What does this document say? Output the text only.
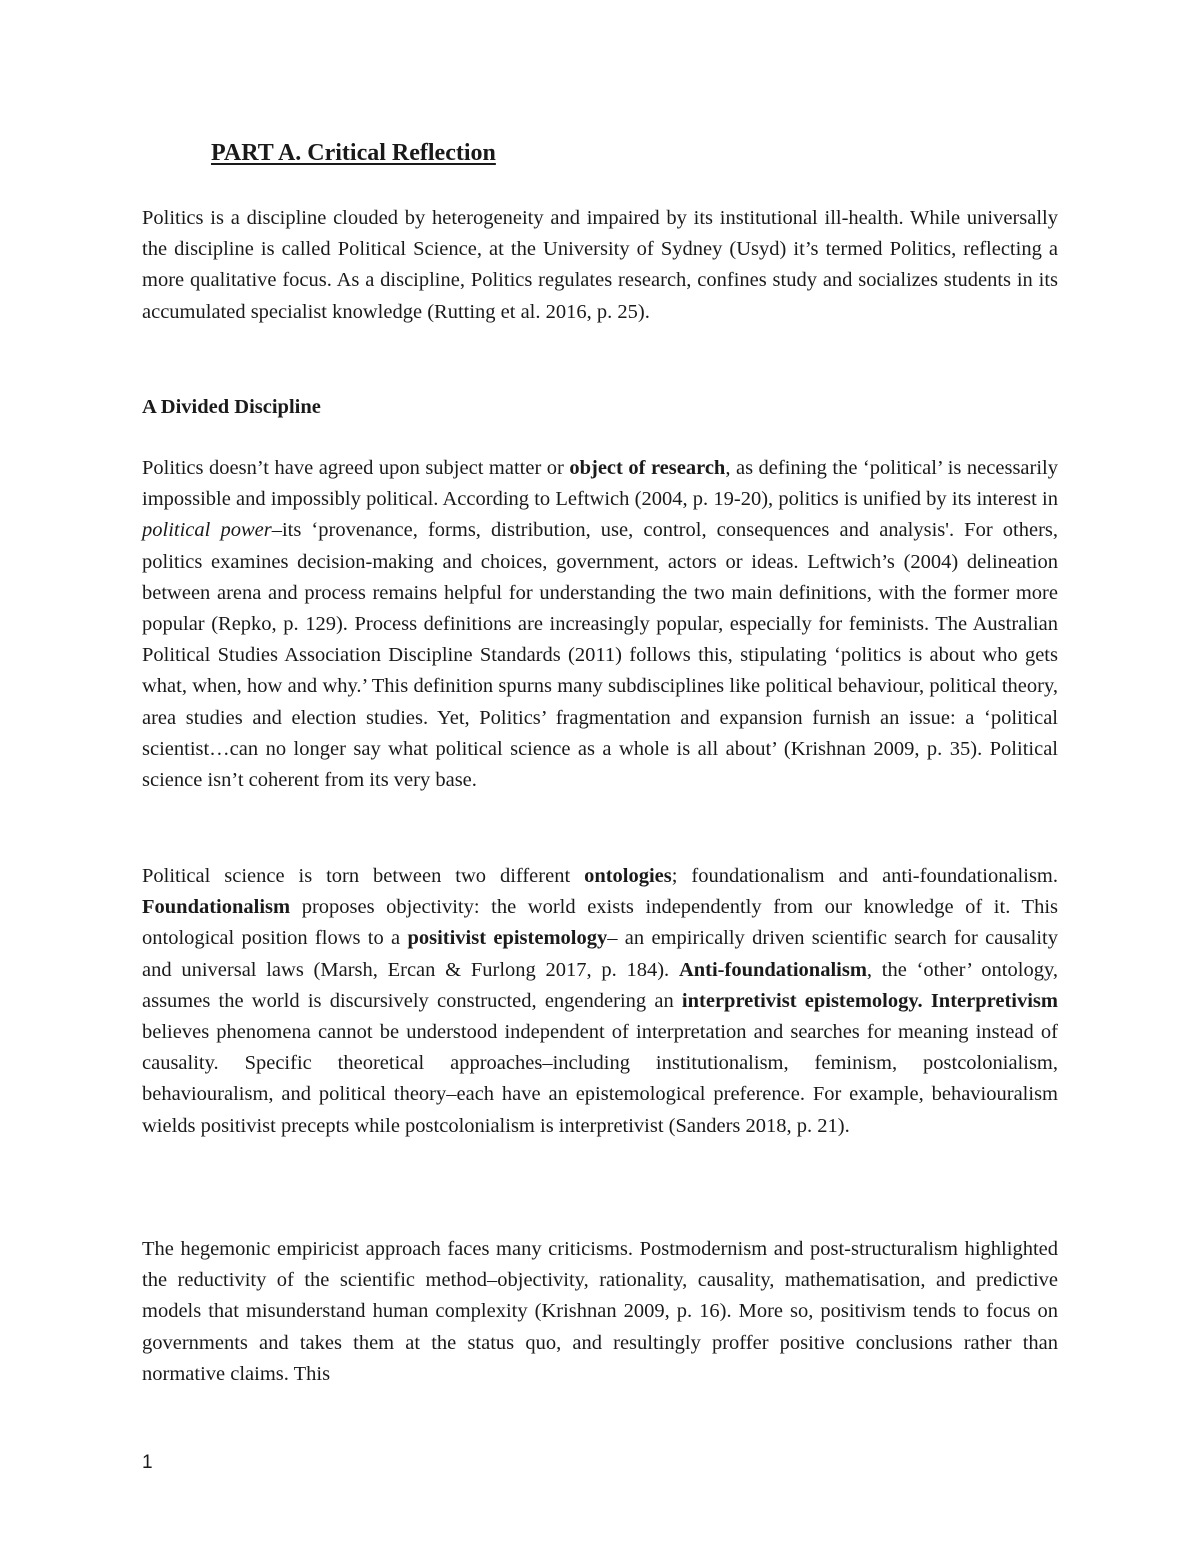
PART A. Critical Reflection

Politics is a discipline clouded by heterogeneity and impaired by its institutional ill-health. While universally the discipline is called Political Science, at the University of Sydney (Usyd) it’s termed Politics, reflecting a more qualitative focus. As a discipline, Politics regulates research, confines study and socializes students in its accumulated specialist knowledge (Rutting et al. 2016, p. 25).

A Divided Discipline

Politics doesn’t have agreed upon subject matter or object of research, as defining the ‘political’ is necessarily impossible and impossibly political. According to Leftwich (2004, p. 19-20), politics is unified by its interest in political power–its ‘provenance, forms, distribution, use, control, consequences and analysis'. For others, politics examines decision-making and choices, government, actors or ideas. Leftwich’s (2004) delineation between arena and process remains helpful for understanding the two main definitions, with the former more popular (Repko, p. 129). Process definitions are increasingly popular, especially for feminists. The Australian Political Studies Association Discipline Standards (2011) follows this, stipulating ‘politics is about who gets what, when, how and why.’ This definition spurns many subdisciplines like political behaviour, political theory, area studies and election studies. Yet, Politics’ fragmentation and expansion furnish an issue: a ‘political scientist…can no longer say what political science as a whole is all about’ (Krishnan 2009, p. 35). Political science isn’t coherent from its very base.

Political science is torn between two different ontologies; foundationalism and anti-foundationalism. Foundationalism proposes objectivity: the world exists independently from our knowledge of it. This ontological position flows to a positivist epistemology– an empirically driven scientific search for causality and universal laws (Marsh, Ercan & Furlong 2017, p. 184). Anti-foundationalism, the ‘other’ ontology, assumes the world is discursively constructed, engendering an interpretivist epistemology. Interpretivism believes phenomena cannot be understood independent of interpretation and searches for meaning instead of causality. Specific theoretical approaches–including institutionalism, feminism, postcolonialism, behaviouralism, and political theory–each have an epistemological preference. For example, behaviouralism wields positivist precepts while postcolonialism is interpretivist (Sanders 2018, p. 21).

The hegemonic empiricist approach faces many criticisms. Postmodernism and post-structuralism highlighted the reductivity of the scientific method–objectivity, rationality, causality, mathematisation, and predictive models that misunderstand human complexity (Krishnan 2009, p. 16). More so, positivism tends to focus on governments and takes them at the status quo, and resultingly proffer positive conclusions rather than normative claims. This

1
